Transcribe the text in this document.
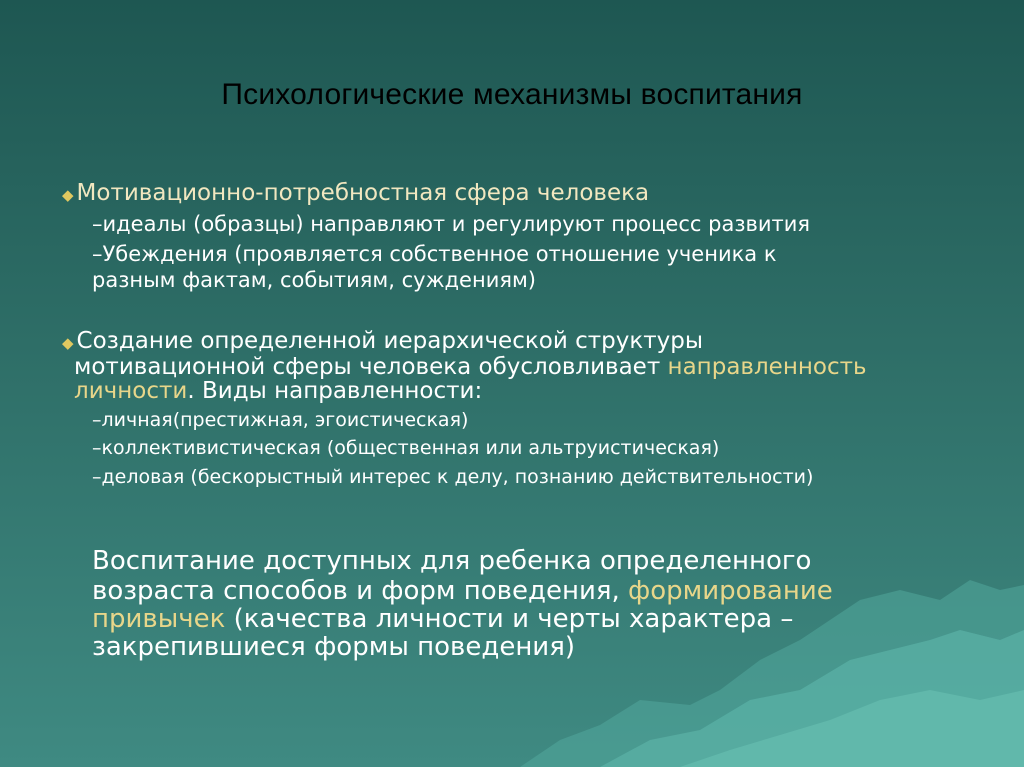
Психологические механизмы воспитания
◆ Мотивационно-потребностная сфера человека
–идеалы (образцы) направляют и регулируют процесс развития
–Убеждения (проявляется собственное отношение ученика к
разным фактам, событиям, суждениям)
◆ Создание определенной иерархической структуры
мотивационной сферы человека обусловливает направленность
личности. Виды направленности:
–личная(престижная, эгоистическая)
–коллективистическая (общественная или альтруистическая)
–деловая (бескорыстный интерес к делу, познанию действительности)
Воспитание доступных для ребенка определенного
возраста способов и форм поведения, формирование
привычек (качества личности и черты характера –
закрепившиеся формы поведения)
